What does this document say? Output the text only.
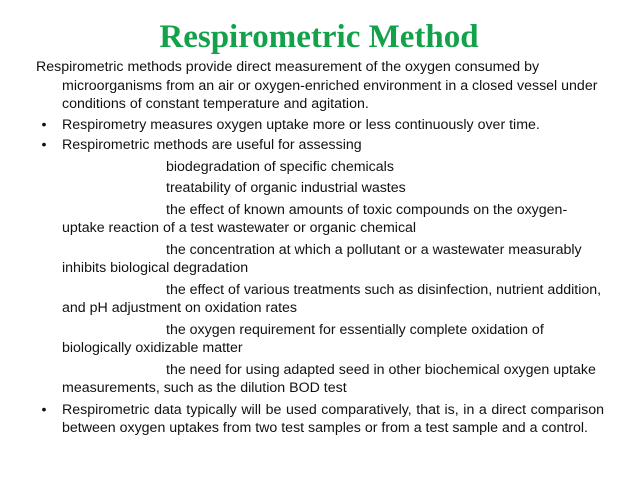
Respirometric Method

Respirometric methods provide direct measurement of the oxygen consumed by microorganisms from an air or oxygen-enriched environment in a closed vessel under conditions of constant temperature and agitation.

•	Respirometry measures oxygen uptake more or less continuously over time.
•	Respirometric methods are useful for assessing

biodegradation of specific chemicals

treatability of organic industrial wastes

the effect of known amounts of toxic compounds on the oxygen-uptake reaction of a test wastewater or organic chemical

the concentration at which a pollutant or a wastewater measurably inhibits biological degradation

the effect of various treatments such as disinfection, nutrient addition, and pH adjustment on oxidation rates

the oxygen requirement for essentially complete oxidation of biologically oxidizable matter

the need for using adapted seed in other biochemical oxygen uptake measurements, such as the dilution BOD test

•	Respirometric data typically will be used comparatively, that is, in a direct comparison between oxygen uptakes from two test samples or from a test sample and a control.
